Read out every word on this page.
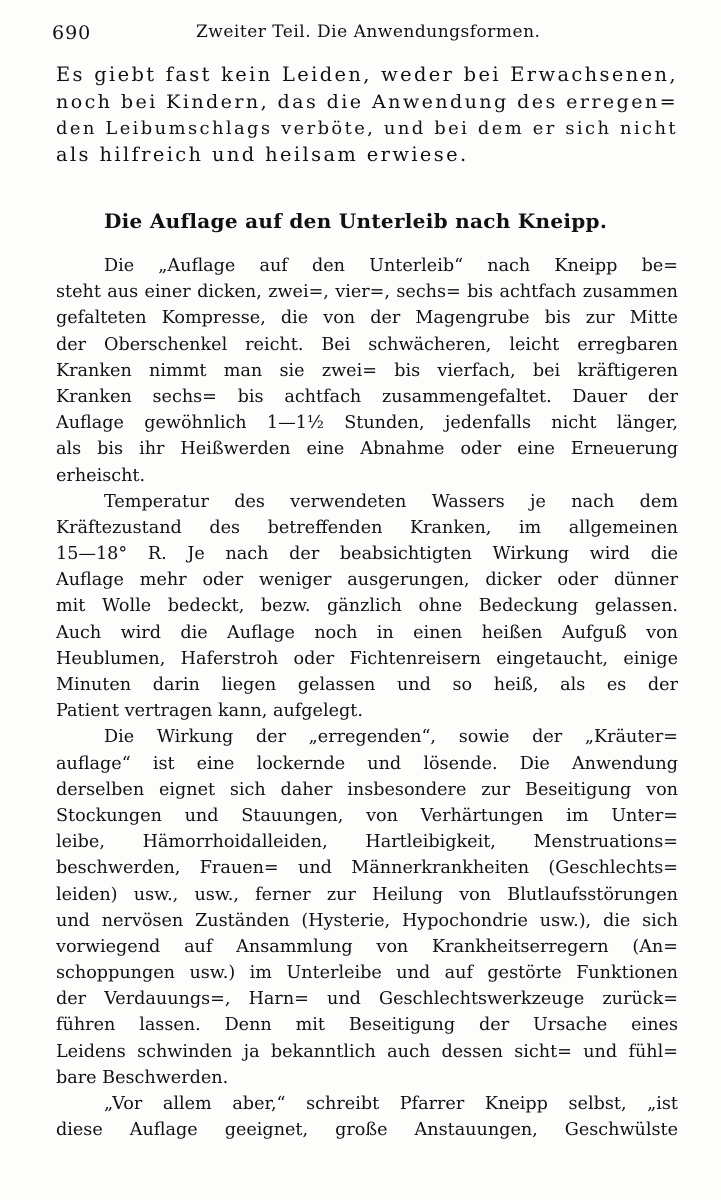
690	Zweiter Teil. Die Anwendungsformen.
Es giebt fast kein Leiden, weder bei Erwachsenen,
noch bei Kindern, das die Anwendung des erregen=
den Leibumschlags verböte, und bei dem er sich nicht
als hilfreich und heilsam erwiese.
Die Auflage auf den Unterleib nach Kneipp.
Die „Auflage auf den Unterleib“ nach Kneipp be=
steht aus einer dicken, zwei=, vier=, sechs= bis achtfach zusammen
gefalteten Kompresse, die von der Magengrube bis zur Mitte
der Oberschenkel reicht. Bei schwächeren, leicht erregbaren
Kranken nimmt man sie zwei= bis vierfach, bei kräftigeren
Kranken sechs= bis achtfach zusammengefaltet. Dauer der
Auflage gewöhnlich 1—1½ Stunden, jedenfalls nicht länger,
als bis ihr Heißwerden eine Abnahme oder eine Erneuerung
erheischt.
Temperatur des verwendeten Wassers je nach dem
Kräftezustand des betreffenden Kranken, im allgemeinen
15—18° R. Je nach der beabsichtigten Wirkung wird die
Auflage mehr oder weniger ausgerungen, dicker oder dünner
mit Wolle bedeckt, bezw. gänzlich ohne Bedeckung gelassen.
Auch wird die Auflage noch in einen heißen Aufguß von
Heublumen, Haferstroh oder Fichtenreisern eingetaucht, einige
Minuten darin liegen gelassen und so heiß, als es der
Patient vertragen kann, aufgelegt.
Die Wirkung der „erregenden“, sowie der „Kräuter=
auflage“ ist eine lockernde und lösende. Die Anwendung
derselben eignet sich daher insbesondere zur Beseitigung von
Stockungen und Stauungen, von Verhärtungen im Unter=
leibe, Hämorrhoidalleiden, Hartleibigkeit, Menstruations=
beschwerden, Frauen= und Männerkrankheiten (Geschlechts=
leiden) usw., usw., ferner zur Heilung von Blutlaufsstörungen
und nervösen Zuständen (Hysterie, Hypochondrie usw.), die sich
vorwiegend auf Ansammlung von Krankheitserregern (An=
schoppungen usw.) im Unterleibe und auf gestörte Funktionen
der Verdauungs=, Harn= und Geschlechtswerkzeuge zurück=
führen lassen. Denn mit Beseitigung der Ursache eines
Leidens schwinden ja bekanntlich auch dessen sicht= und fühl=
bare Beschwerden.
„Vor allem aber,“ schreibt Pfarrer Kneipp selbst, „ist
diese Auflage geeignet, große Anstauungen, Geschwülste
